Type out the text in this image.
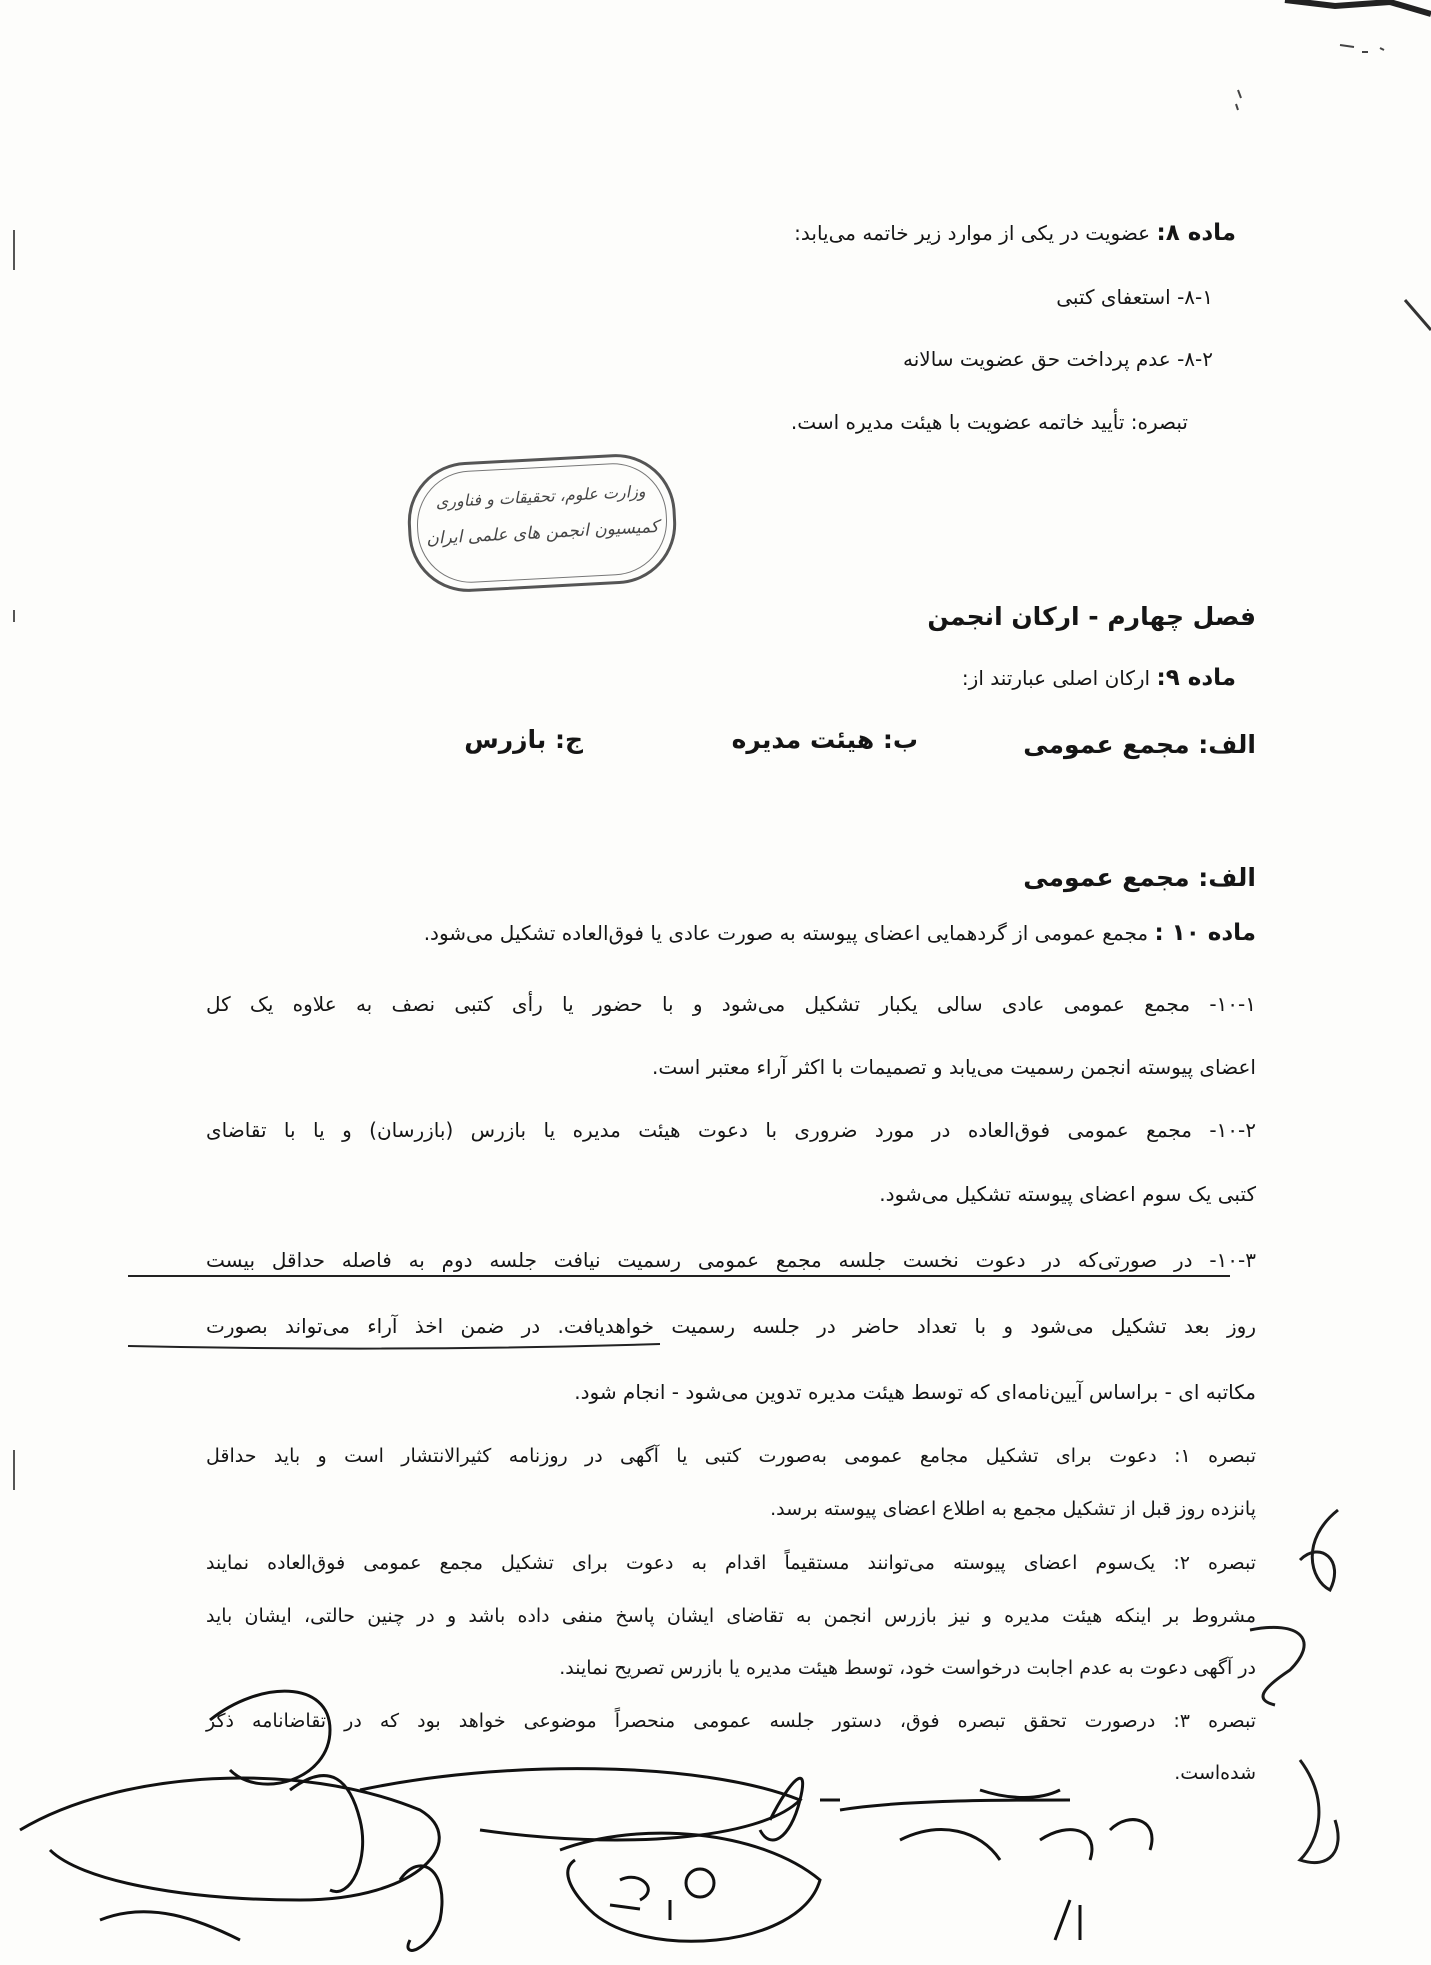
ماده ۸: عضویت در یکی از موارد زیر خاتمه می‌یابد:
۸-۱- استعفای کتبی
۸-۲- عدم پرداخت حق عضویت سالانه
تبصره: تأیید خاتمه عضویت با هیئت مدیره است.
وزارت علوم، تحقیقات و فناوری
کمیسیون انجمن های علمی ایران
فصل چهارم - ارکان انجمن
ماده ۹: ارکان اصلی عبارتند از:
الف: مجمع عمومی
ب: هیئت مدیره
ج: بازرس
الف: مجمع عمومی
ماده ۱۰ : مجمع عمومی از گردهمایی اعضای پیوسته به صورت عادی یا فوق‌العاده تشکیل می‌شود.
۱۰-۱- مجمع عمومی عادی سالی یکبار تشکیل می‌شود و با حضور یا رأی کتبی نصف به علاوه یک کل
اعضای پیوسته انجمن رسمیت می‌یابد و تصمیمات با اکثر آراء معتبر است.
۱۰-۲- مجمع عمومی فوق‌العاده در مورد ضروری با دعوت هیئت مدیره یا بازرس (بازرسان) و یا با تقاضای
کتبی یک سوم اعضای پیوسته تشکیل می‌شود.
۱۰-۳- در صورتی‌که در دعوت نخست جلسه مجمع عمومی رسمیت نیافت جلسه دوم به فاصله حداقل بیست
روز بعد تشکیل می‌شود و با تعداد حاضر در جلسه رسمیت خواهدیافت. در ضمن اخذ آراء می‌تواند بصورت
مکاتبه ای - براساس آیین‌نامه‌ای که توسط هیئت مدیره تدوین می‌شود - انجام شود.
تبصره ۱: دعوت برای تشکیل مجامع عمومی به‌صورت کتبی یا آگهی در روزنامه کثیرالانتشار است و باید حداقل
پانزده روز قبل از تشکیل مجمع به اطلاع اعضای پیوسته برسد.
تبصره ۲: یک‌سوم اعضای پیوسته می‌توانند مستقیماً اقدام به دعوت برای تشکیل مجمع عمومی فوق‌العاده نمایند
مشروط بر اینکه هیئت مدیره و نیز بازرس انجمن به تقاضای ایشان پاسخ منفی داده باشد و در چنین حالتی، ایشان باید
در آگهی دعوت به عدم اجابت درخواست خود، توسط هیئت مدیره یا بازرس تصریح نمایند.
تبصره ۳: درصورت تحقق تبصره فوق، دستور جلسه عمومی منحصراً موضوعی خواهد بود که در تقاضانامه ذکر
شده‌است.
